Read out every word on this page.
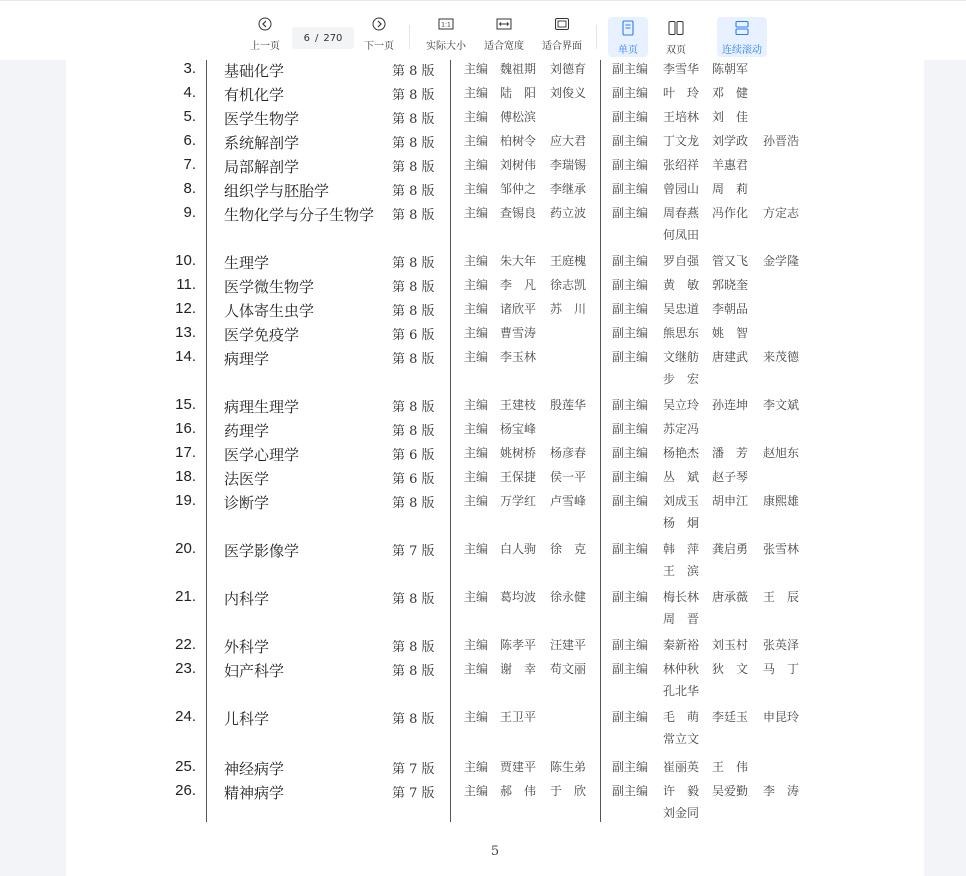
上一页
6 / 270
下一页
1:1
实际大小 适合宽度 适合界面	单页	双页	连续滚动
3. 基础化学	第 8 版 主编 魏祖期 刘德育 副主编 李雪华 陈朝军
4. 有机化学	第 8 版 主编 陆　阳 刘俊义 副主编 叶　玲 邓　健
5. 医学生物学	第 8 版 主编 傅松滨	副主编 王培林 刘　佳
6. 系统解剖学	第 8 版 主编 柏树令 应大君 副主编 丁文龙 刘学政 孙晋浩
7. 局部解剖学	第 8 版 主编 刘树伟 李瑞锡 副主编 张绍祥 羊惠君
8. 组织学与胚胎学	第 8 版 主编 邹仲之 李继承 副主编 曾园山 周　莉
9. 生物化学与分子生物学 第 8 版 主编 查锡良 药立波 副主编 周春燕 冯作化 方定志
何凤田
10. 生理学	第 8 版 主编 朱大年 王庭槐 副主编 罗自强 管又飞 金学隆
11. 医学微生物学	第 8 版 主编 李　凡 徐志凯 副主编 黄　敏 郭晓奎
12. 人体寄生虫学	第 8 版 主编 诸欣平 苏　川 副主编 吴忠道 李朝品
13. 医学免疫学	第 6 版 主编 曹雪涛	副主编 熊思东 姚　智
14. 病理学	第 8 版 主编 李玉林	副主编 文继舫 唐建武 来茂德
步　宏
15. 病理生理学	第 8 版 主编 王建枝 殷莲华 副主编 吴立玲 孙连坤 李文斌
16. 药理学	第 8 版 主编 杨宝峰	副主编 苏定冯
17. 医学心理学	第 6 版 主编 姚树桥 杨彦春 副主编 杨艳杰 潘　芳 赵旭东
18. 法医学	第 6 版 主编 王保捷 侯一平 副主编 丛　斌 赵子琴
19. 诊断学	第 8 版 主编 万学红 卢雪峰 副主编 刘成玉 胡申江 康熙雄
杨　炯
20. 医学影像学	第 7 版 主编 白人驹 徐　克 副主编 韩　萍 龚启勇 张雪林
王　滨
21. 内科学	第 8 版 主编 葛均波 徐永健 副主编 梅长林 唐承薇 王　辰
周　晋
22. 外科学	第 8 版 主编 陈孝平 汪建平 副主编 秦新裕 刘玉村 张英泽
23. 妇产科学	第 8 版 主编 谢　幸 苟文丽 副主编 林仲秋 狄　文 马　丁
孔北华
24. 儿科学	第 8 版 主编 王卫平	副主编 毛　萌 李廷玉 申昆玲
常立文
25. 神经病学	第 7 版 主编 贾建平 陈生弟 副主编 崔丽英 王　伟
26. 精神病学	第 7 版 主编 郝　伟 于　欣 副主编 许　毅 吴爱勤 李　涛
刘金同
5
